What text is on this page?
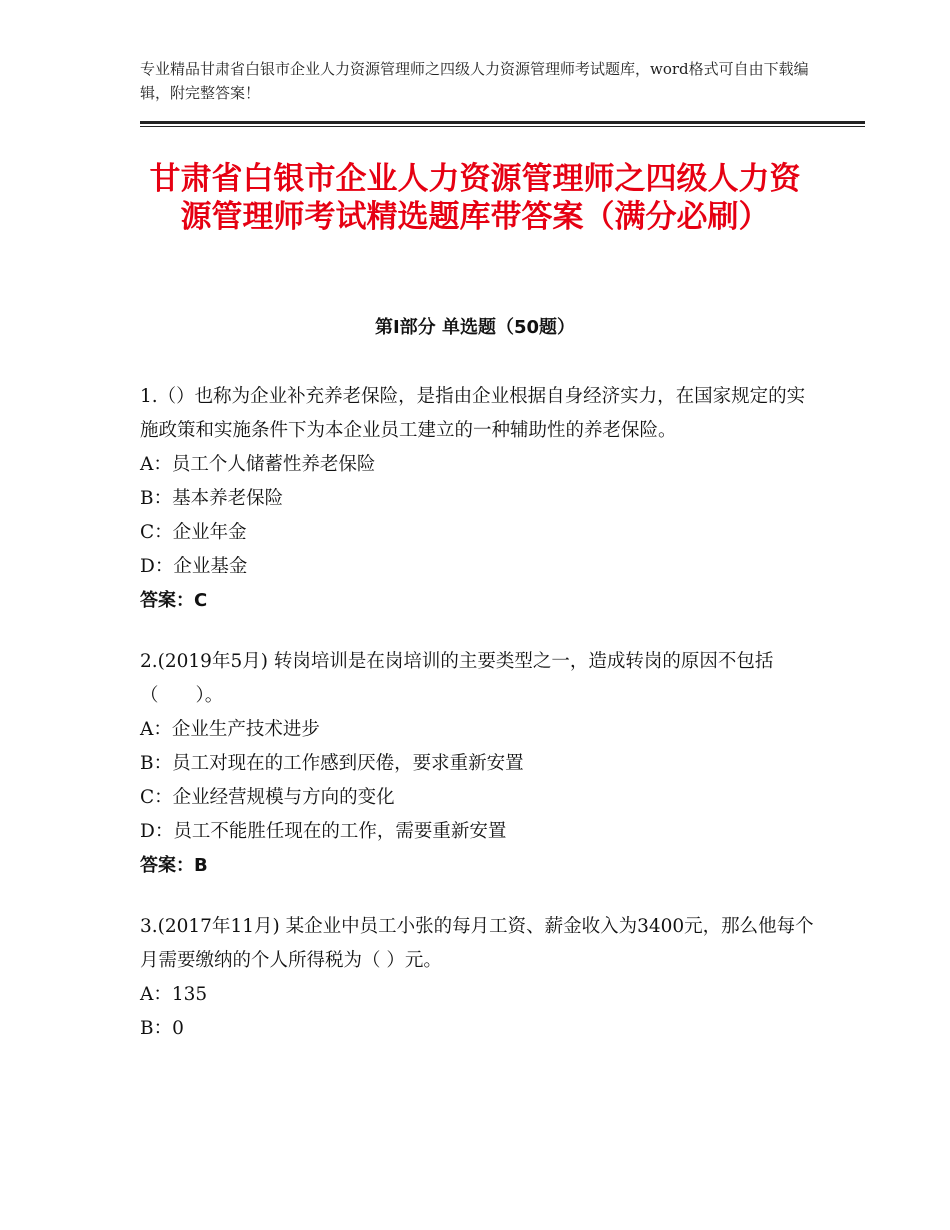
专业精品甘肃省白银市企业人力资源管理师之四级人力资源管理师考试题库，word格式可自由下载编辑，附完整答案！
甘肃省白银市企业人力资源管理师之四级人力资源管理师考试精选题库带答案（满分必刷）
第Ⅰ部分 单选题（50题）
1.（）也称为企业补充养老保险，是指由企业根据自身经济实力，在国家规定的实施政策和实施条件下为本企业员工建立的一种辅助性的养老保险。
A：员工个人储蓄性养老保险
B：基本养老保险
C：企业年金
D：企业基金
答案：C
2.(2019年5月) 转岗培训是在岗培训的主要类型之一，造成转岗的原因不包括（　　）。
A：企业生产技术进步
B：员工对现在的工作感到厌倦，要求重新安置
C：企业经营规模与方向的变化
D：员工不能胜任现在的工作，需要重新安置
答案：B
3.(2017年11月) 某企业中员工小张的每月工资、薪金收入为3400元，那么他每个月需要缴纳的个人所得税为（ ）元。
A：135
B：0
